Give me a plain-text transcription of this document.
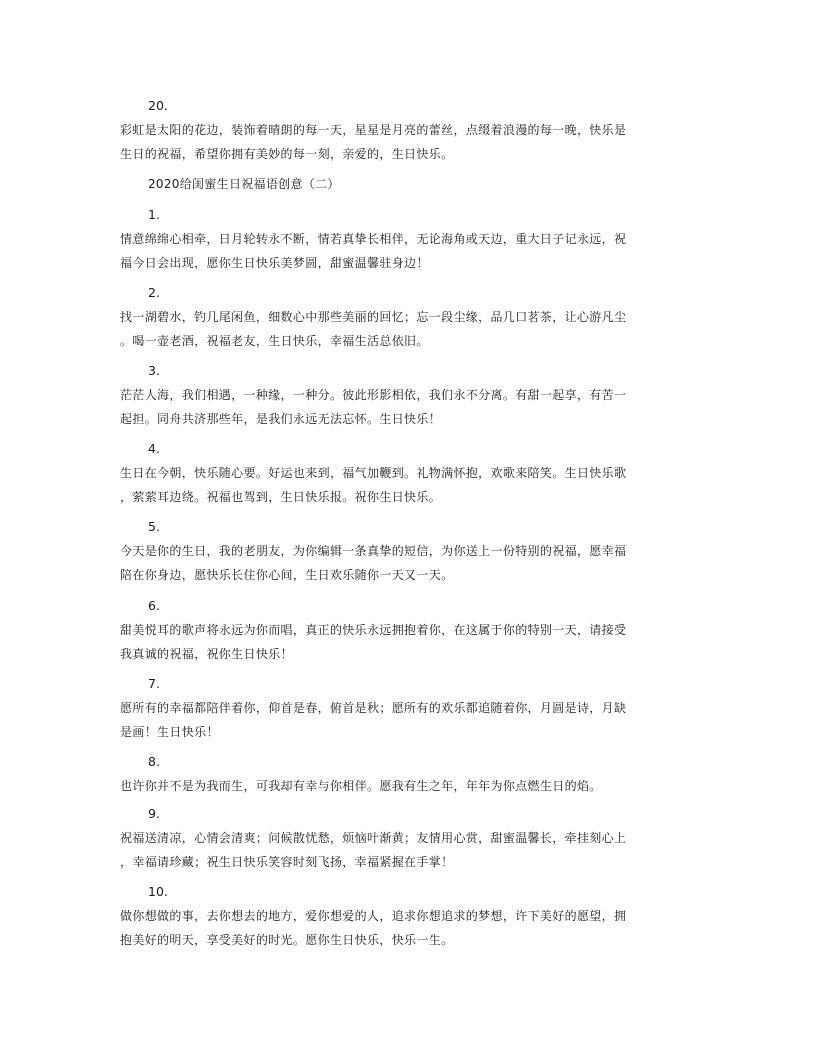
20.
彩虹是太阳的花边，装饰着晴朗的每一天，星星是月亮的蕾丝，点缀着浪漫的每一晚，快乐是
生日的祝福，希望你拥有美妙的每一刻，亲爱的，生日快乐。
2020给闺蜜生日祝福语创意（二）
1.
情意绵绵心相牵，日月轮转永不断，情若真挚长相伴，无论海角或天边，重大日子记永远，祝
福今日会出现，愿你生日快乐美梦圆，甜蜜温馨驻身边！
2.
找一湖碧水，钓几尾闲鱼，细数心中那些美丽的回忆；忘一段尘缘，品几口茗茶，让心游凡尘
。喝一壶老酒，祝福老友，生日快乐，幸福生活总依旧。
3.
茫茫人海，我们相遇，一种缘，一种分。彼此形影相依，我们永不分离。有甜一起享，有苦一
起担。同舟共济那些年，是我们永远无法忘怀。生日快乐！
4.
生日在今朝，快乐随心要。好运也来到，福气加鞭到。礼物满怀抱，欢歌来陪笑。生日快乐歌
，萦萦耳边绕。祝福也驾到，生日快乐报。祝你生日快乐。
5.
今天是你的生日，我的老朋友，为你编辑一条真挚的短信，为你送上一份特别的祝福，愿幸福
陪在你身边，愿快乐长住你心间，生日欢乐随你一天又一天。
6.
甜美悦耳的歌声将永远为你而唱，真正的快乐永远拥抱着你，在这属于你的特别一天，请接受
我真诚的祝福，祝你生日快乐！
7.
愿所有的幸福都陪伴着你，仰首是春，俯首是秋；愿所有的欢乐都追随着你，月圆是诗，月缺
是画！生日快乐！
8.
也许你并不是为我而生，可我却有幸与你相伴。愿我有生之年，年年为你点燃生日的焰。
9.
祝福送清凉，心情会清爽；问候散忧愁，烦恼叶渐黄；友情用心赏，甜蜜温馨长，牵挂刻心上
，幸福请珍藏；祝生日快乐笑容时刻飞扬，幸福紧握在手掌！
10.
做你想做的事，去你想去的地方，爱你想爱的人，追求你想追求的梦想，许下美好的愿望，拥
抱美好的明天，享受美好的时光。愿你生日快乐，快乐一生。
